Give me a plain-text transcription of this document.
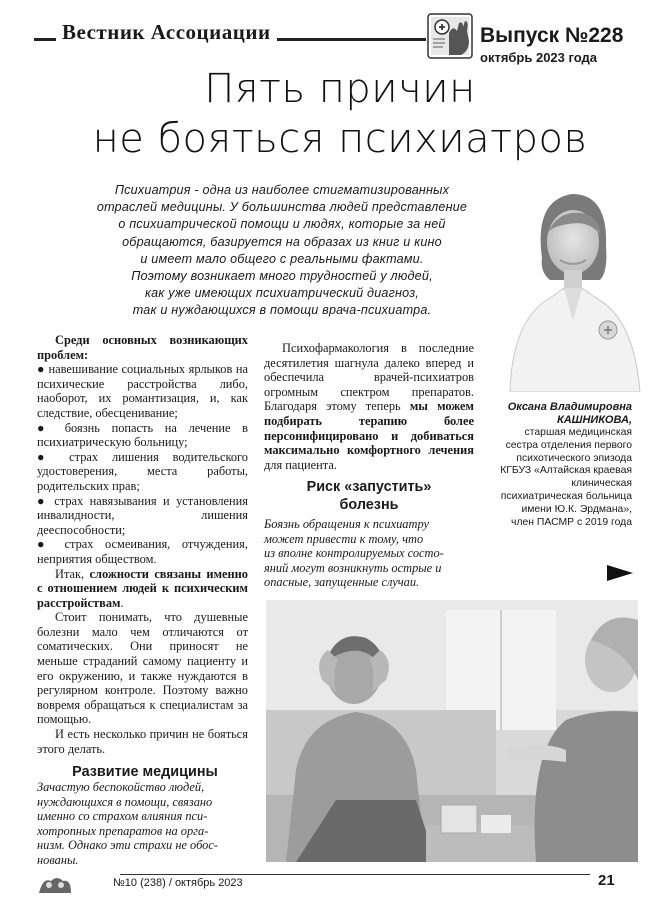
Вестник Ассоциации	Выпуск №228
октябрь 2023 года
Пять причин
не бояться психиатров
Психиатрия - одна из наиболее стигматизированных
отраслей медицины. У большинства людей представление
о психиатрической помощи и людях, которые за ней
обращаются, базируется на образах из книг и кино
и имеет мало общего с реальными фактами.
Поэтому возникает много трудностей у людей,
как уже имеющих психиатрический диагноз,
так и нуждающихся в помощи врача-психиатра.
Оксана Владимировна
КАШНИКОВА,
старшая медицинская
сестра отделения первого
психотического эпизода
КГБУЗ «Алтайская краевая
клиническая
психиатрическая больница
имени Ю.К. Эрдмана»,
член ПАСМР с 2019 года

Среди основных возникающих проблем:

● навешивание социальных ярлыков на психические расстройства либо, наоборот, их романтизация, и, как следствие, обесценивание;

● боязнь попасть на лечение в психиатрическую больницу;

● страх лишения водительского удостоверения, места работы, родительских прав;

● страх навязывания и установления инвалидности, лишения дееспособности;

● страх осмеивания, отчуждения, неприятия обществом.

Итак, сложности связаны именно с отношением людей к психическим расстройствам.

Стоит понимать, что душевные болезни мало чем отличаются от соматических. Они приносят не меньше страданий самому пациенту и его окружению, и также нуждаются в регулярном контроле. Поэтому важно вовремя обращаться к специалистам за помощью.

И есть несколько причин не бояться этого делать.

Развитие медицины
Зачастую беспокойство людей,
нуждающихся в помощи, связано
именно со страхом влияния пси-
хотропных препаратов на орга-
низм. Однако эти страхи не обос-
нованы.

Психофармакология в последние десятилетия шагнула далеко вперед и обеспечила врачей-психиатров огромным спектром препаратов. Благодаря этому теперь мы можем подбирать терапию более персонифицировано и добиваться максимально комфортного лечения для пациента.

Риск «запустить»
болезнь
Боязнь обращения к психиатру
может привести к тому, что
из вполне контролируемых состо-
яний могут возникнуть острые и
опасные, запущенные случаи.
№10 (238) / октябрь 2023	21
